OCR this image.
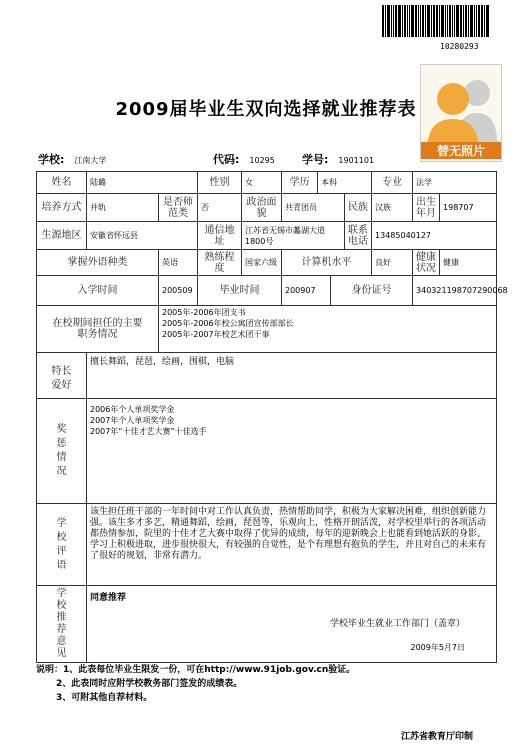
10280293
替无照片
2009届毕业生双向选择就业推荐表
学校: 江南大学	代码: 10295 学号: 1901101
姓名	陆璐		性别	女	学历	本科			专业	法学	
培养方式	并轨	是否师范类	否	政治面貌	共青团员			民族	汉族	出生年月	198707
生源地区	安徽省怀远县		通信地址	江苏省无锡市蠡湖大道1800号				联系电话	13485040127		
掌握外语种类		英语	熟练程度	国家六级	计算机水平				良好	健康状况	健康
入学时间		200509	毕业时间		200907		身份证号			340321198707290068	
在校期间担任的主要职务情况		2005年-2006年团支书
2005年-2006年校公寓团宣传部部长
2005年-2007年校艺术团干事									

特长爱好	擅长舞蹈，琵琶，绘画，围棋，电脑										

奖惩情况	2006年个人单项奖学金
2007年个人单项奖学金
2007年“十佳才艺大赛”十佳选手										

学校评语	该生担任班干部的一年时间中对工作认真负责，热情帮助同学，积极为大家解决困难，组织创新能力强。该生多才多艺，精通舞蹈，绘画，琵琶等，乐观向上，性格开朗活泼，对学校里举行的各项活动都热情参加，院里的十佳才艺大赛中取得了优异的成绩，每年的迎新晚会上也能看到她活跃的身影。学习上积极进取，进步很快很大，有较强的自觉性，是个有理想有抱负的学生，并且对自己的未来有了很好的规划，非常有潜力。										

学校推荐意见	同意推荐
学校毕业生就业工作部门（盖章）
2009年5月7日										
说明：1、此表每位毕业生限发一份，可在http://www.91job.gov.cn验证。
2、此表同时应附学校教务部门签发的成绩表。
3、可附其他自荐材料。
江苏省教育厅印制
